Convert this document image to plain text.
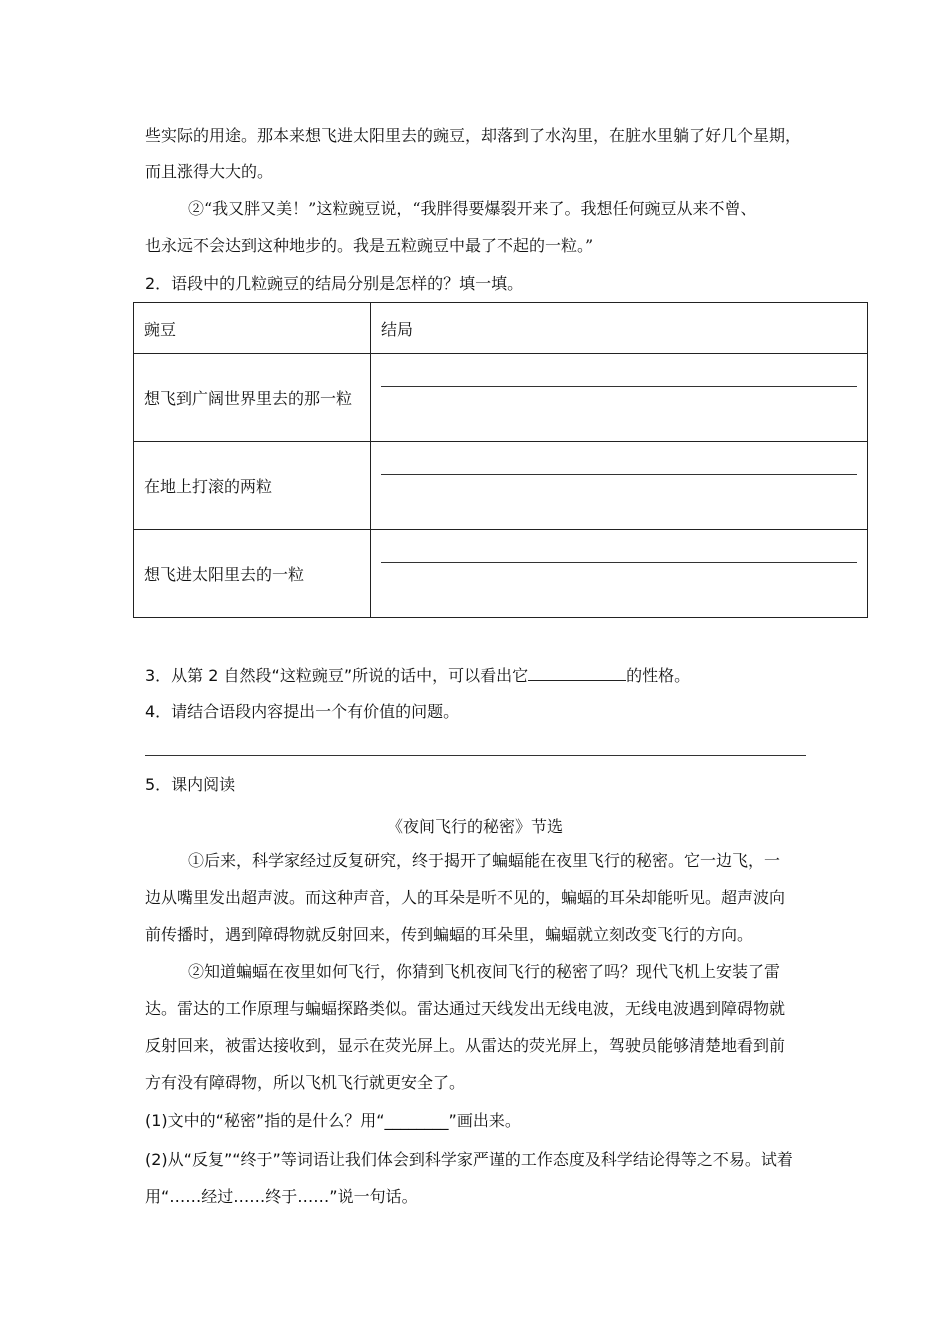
些实际的用途。那本来想飞进太阳里去的豌豆，却落到了水沟里，在脏水里躺了好几个星期，
而且涨得大大的。
②“我又胖又美！”这粒豌豆说，“我胖得要爆裂开来了。我想任何豌豆从来不曾、
也永远不会达到这种地步的。我是五粒豌豆中最了不起的一粒。”
2．语段中的几粒豌豆的结局分别是怎样的？填一填。
豌豆	结局
想飞到广阔世界里去的那一粒	

在地上打滚的两粒	

想飞进太阳里去的一粒	
3．从第 2 自然段“这粒豌豆”所说的话中，可以看出它	的性格。
4．请结合语段内容提出一个有价值的问题。
5．课内阅读
《夜间飞行的秘密》节选
①后来，科学家经过反复研究，终于揭开了蝙蝠能在夜里飞行的秘密。它一边飞，一
边从嘴里发出超声波。而这种声音，人的耳朵是听不见的，蝙蝠的耳朵却能听见。超声波向
前传播时，遇到障碍物就反射回来，传到蝙蝠的耳朵里，蝙蝠就立刻改变飞行的方向。
②知道蝙蝠在夜里如何飞行，你猜到飞机夜间飞行的秘密了吗？现代飞机上安装了雷
达。雷达的工作原理与蝙蝠探路类似。雷达通过天线发出无线电波，无线电波遇到障碍物就
反射回来，被雷达接收到，显示在荧光屏上。从雷达的荧光屏上，驾驶员能够清楚地看到前
方有没有障碍物，所以飞机飞行就更安全了。
(1)文中的“秘密”指的是什么？用“________”画出来。
(2)从“反复”“终于”等词语让我们体会到科学家严谨的工作态度及科学结论得等之不易。试着
用“……经过……终于……”说一句话。
